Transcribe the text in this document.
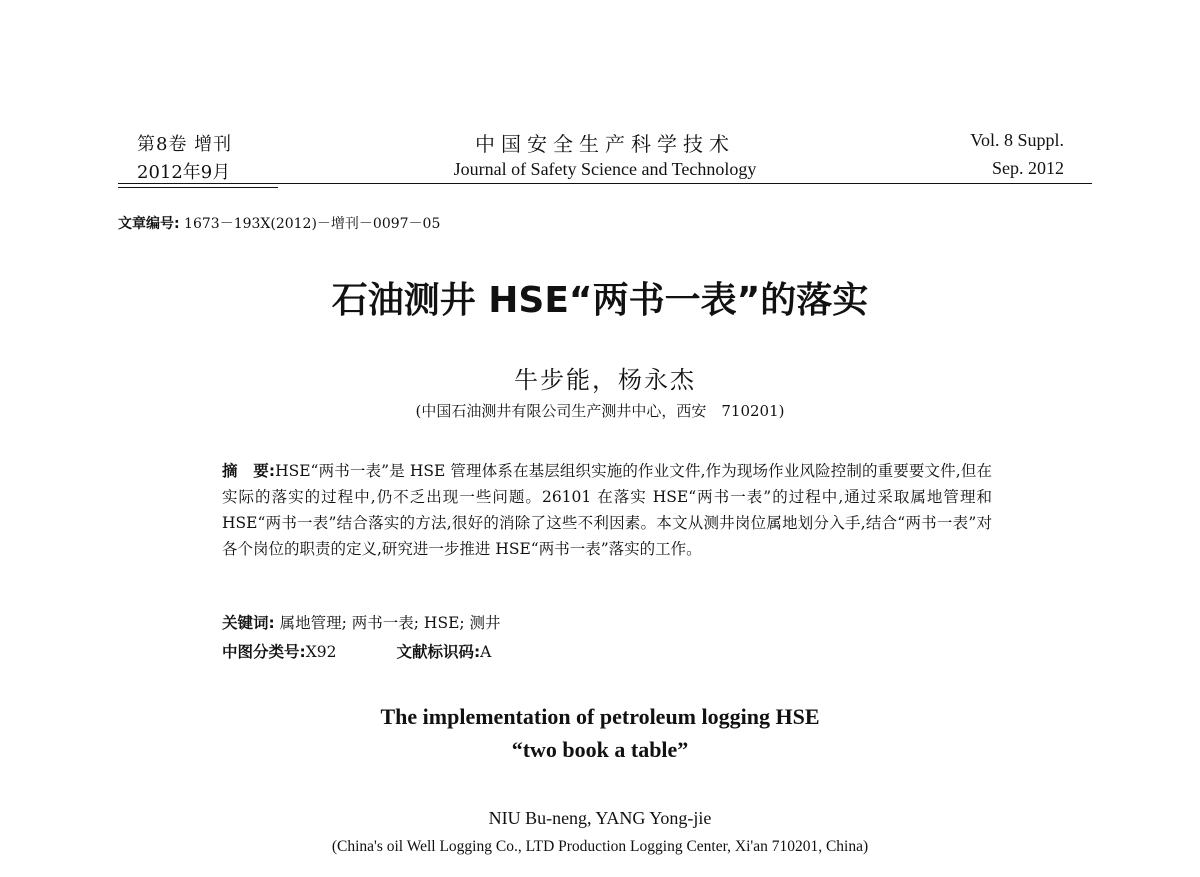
第8卷 增刊
2012年9月
中国安全生产科学技术
Journal of Safety Science and Technology
Vol. 8 Suppl.
Sep. 2012
文章编号: 1673－193X(2012)－增刊－0097－05
石油测井 HSE“两书一表”的落实
牛步能，杨永杰
(中国石油测井有限公司生产测井中心，西安　710201)
摘　要:HSE“两书一表”是 HSE 管理体系在基层组织实施的作业文件,作为现场作业风险控制的重要要文件,但在实际的落实的过程中,仍不乏出现一些问题。26101 在落实 HSE“两书一表”的过程中,通过采取属地管理和 HSE“两书一表”结合落实的方法,很好的消除了这些不利因素。本文从测井岗位属地划分入手,结合“两书一表”对各个岗位的职责的定义,研究进一步推进 HSE“两书一表”落实的工作。
关键词: 属地管理; 两书一表; HSE; 测井
中图分类号:X92	文献标识码:A
The implementation of petroleum logging HSE
“two book a table”
NIU Bu-neng, YANG Yong-jie
(China's oil Well Logging Co., LTD Production Logging Center, Xi'an 710201, China)
